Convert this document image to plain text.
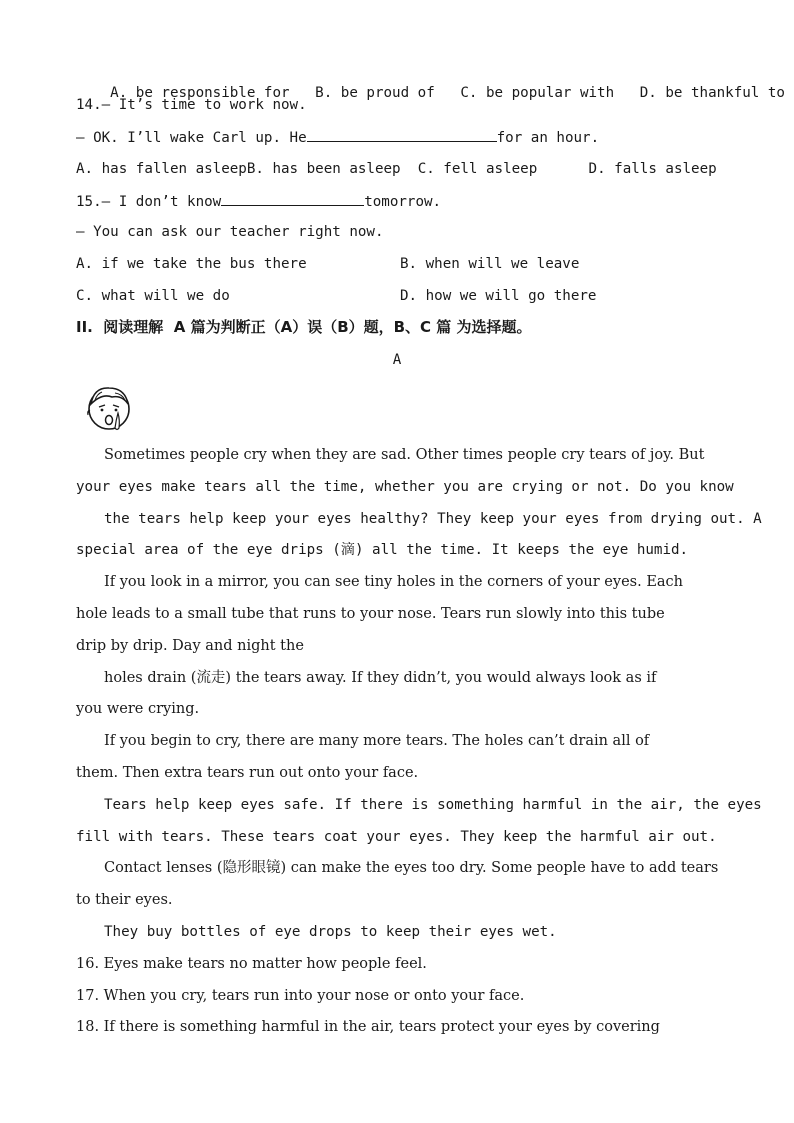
A. be responsible for B. be proud of C. be popular with D. be thankful to

14.— It’s time to work now.
— OK. I’ll wake Carl up. He	for an hour.
A. has fallen asleepB. has been asleep C. fell asleep	D. falls asleep
15.— I don’t know	tomorrow.
— You can ask our teacher right now.
A. if we take the bus there	B. when will we leave
C. what will we do	D. how we will go there
II.  阅读理解  A 篇为判断正（A）误（B）题，B、C 篇 为选择题。
A
Sometimes people cry when they are sad. Other times people cry tears of joy. But
your eyes make tears all the time, whether you are crying or not. Do you know
the tears help keep your eyes healthy? They keep your eyes from drying out. A
special area of the eye drips (滴) all the time. It keeps the eye humid.
If you look in a mirror, you can see tiny holes in the corners of your eyes. Each
hole leads to a small tube that runs to your nose. Tears run slowly into this tube
drip by drip. Day and night the
holes drain (流走) the tears away. If they didn’t, you would always look as if
you were crying.
If you begin to cry, there are many more tears. The holes can’t drain all of
them. Then extra tears run out onto your face.
Tears help keep eyes safe. If there is something harmful in the air, the eyes
fill with tears. These tears coat your eyes. They keep the harmful air out.
Contact lenses (隐形眼镜) can make the eyes too dry. Some people have to add tears
to their eyes.
They buy bottles of eye drops to keep their eyes wet.
16. Eyes make tears no matter how people feel.
17. When you cry, tears run into your nose or onto your face.
18. If there is something harmful in the air, tears protect your eyes by covering
